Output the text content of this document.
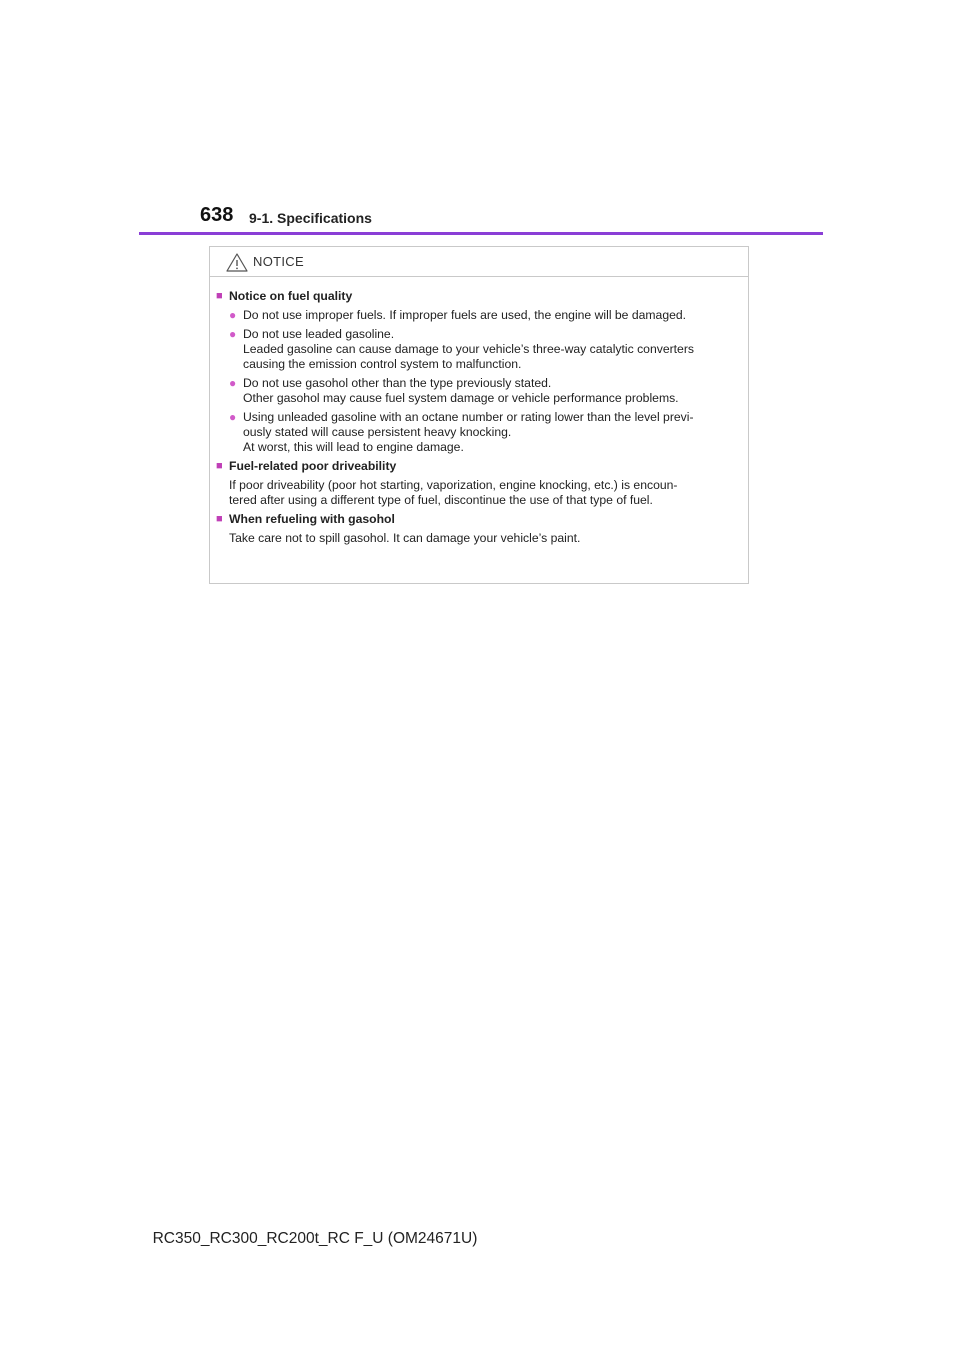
638 9-1. Specifications
NOTICE
■ Notice on fuel quality
● Do not use improper fuels. If improper fuels are used, the engine will be damaged.
● Do not use leaded gasoline.
Leaded gasoline can cause damage to your vehicle’s three-way catalytic converters
causing the emission control system to malfunction.
● Do not use gasohol other than the type previously stated.
Other gasohol may cause fuel system damage or vehicle performance problems.
● Using unleaded gasoline with an octane number or rating lower than the level previ-
ously stated will cause persistent heavy knocking.
At worst, this will lead to engine damage.
■ Fuel-related poor driveability
If poor driveability (poor hot starting, vaporization, engine knocking, etc.) is encoun-
tered after using a different type of fuel, discontinue the use of that type of fuel.
■ When refueling with gasohol
Take care not to spill gasohol. It can damage your vehicle’s paint.
RC350_RC300_RC200t_RC F_U (OM24671U)
